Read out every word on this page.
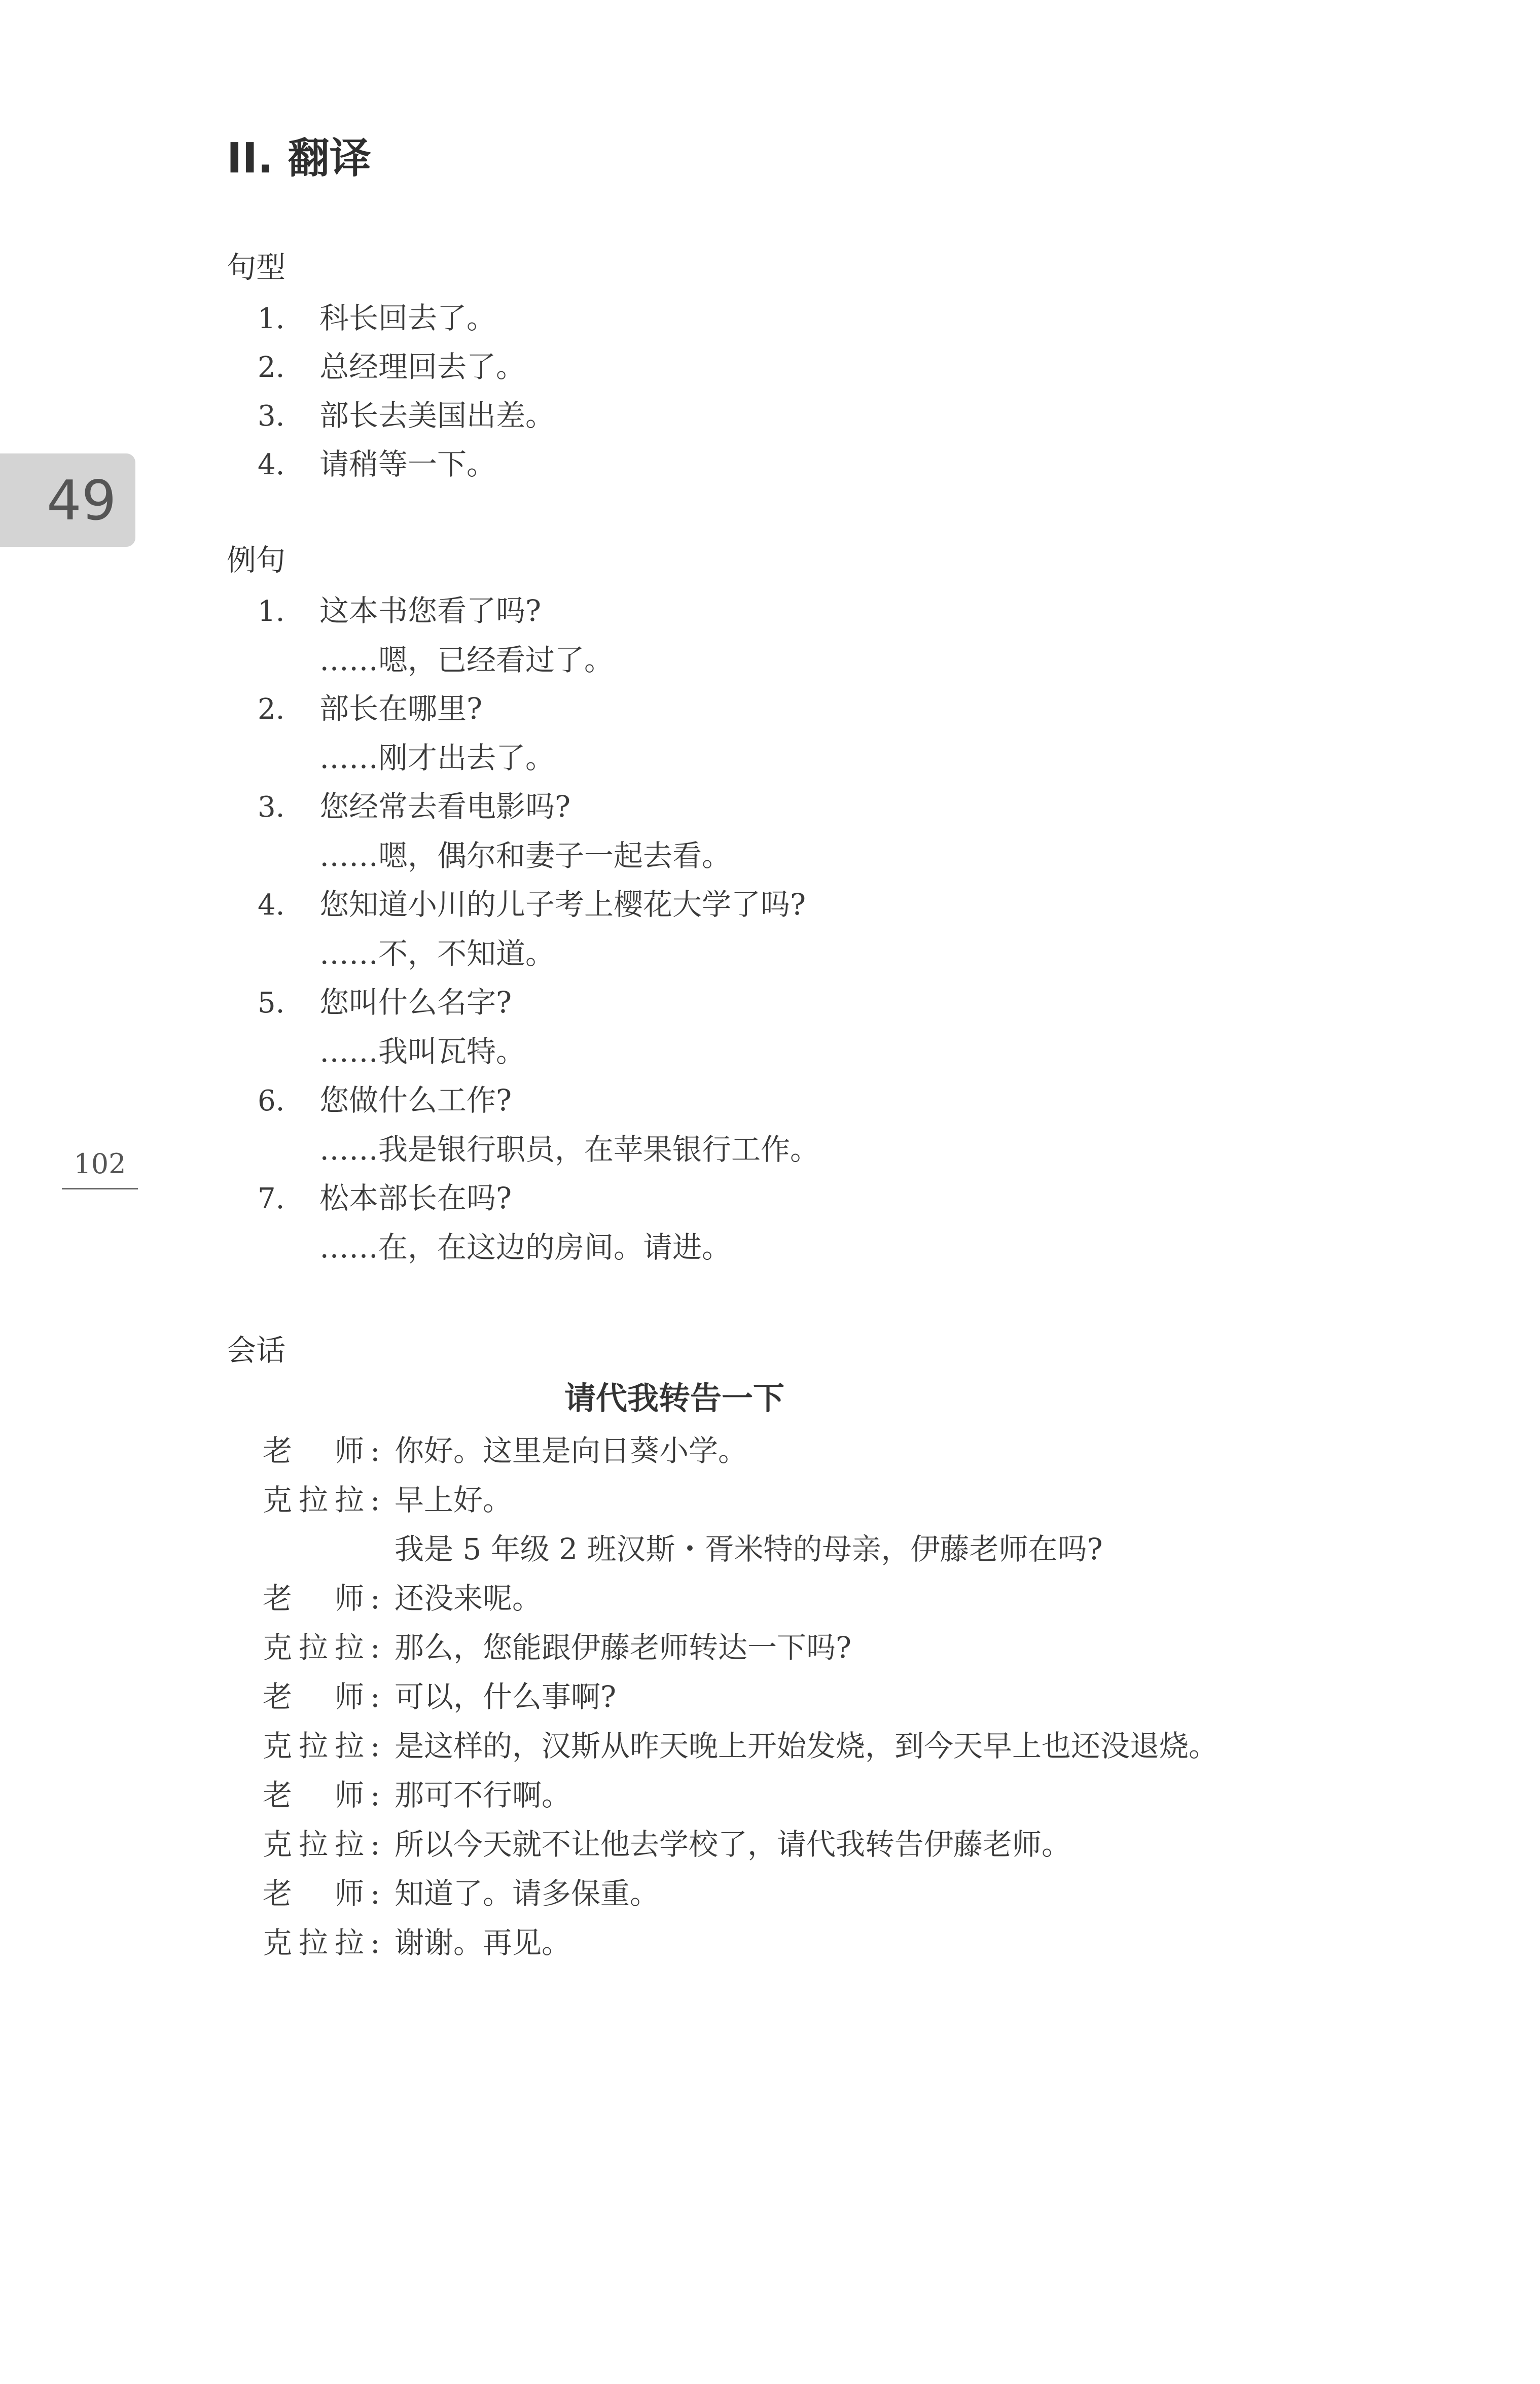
II. 翻译
49
102
句型
1. 科长回去了。
2. 总经理回去了。
3. 部长去美国出差。
4. 请稍等一下。
例句
1. 这本书您看了吗?
……嗯，已经看过了。
2. 部长在哪里?
……刚才出去了。
3. 您经常去看电影吗?
……嗯，偶尔和妻子一起去看。
4. 您知道小川的儿子考上樱花大学了吗?
……不，不知道。
5. 您叫什么名字?
……我叫瓦特。
6. 您做什么工作?
……我是银行职员，在苹果银行工作。
7. 松本部长在吗?
……在，在这边的房间。请进。
会话
请代我转告一下
老师 : 你好。这里是向日葵小学。
克拉拉 : 早上好。
我是 5 年级 2 班汉斯・胥米特的母亲，伊藤老师在吗?
老师 : 还没来呢。
克拉拉 : 那么，您能跟伊藤老师转达一下吗?
老师 : 可以，什么事啊?
克拉拉 : 是这样的，汉斯从昨天晚上开始发烧，到今天早上也还没退烧。
老师 : 那可不行啊。
克拉拉 : 所以今天就不让他去学校了，请代我转告伊藤老师。
老师 : 知道了。请多保重。
克拉拉 : 谢谢。再见。
